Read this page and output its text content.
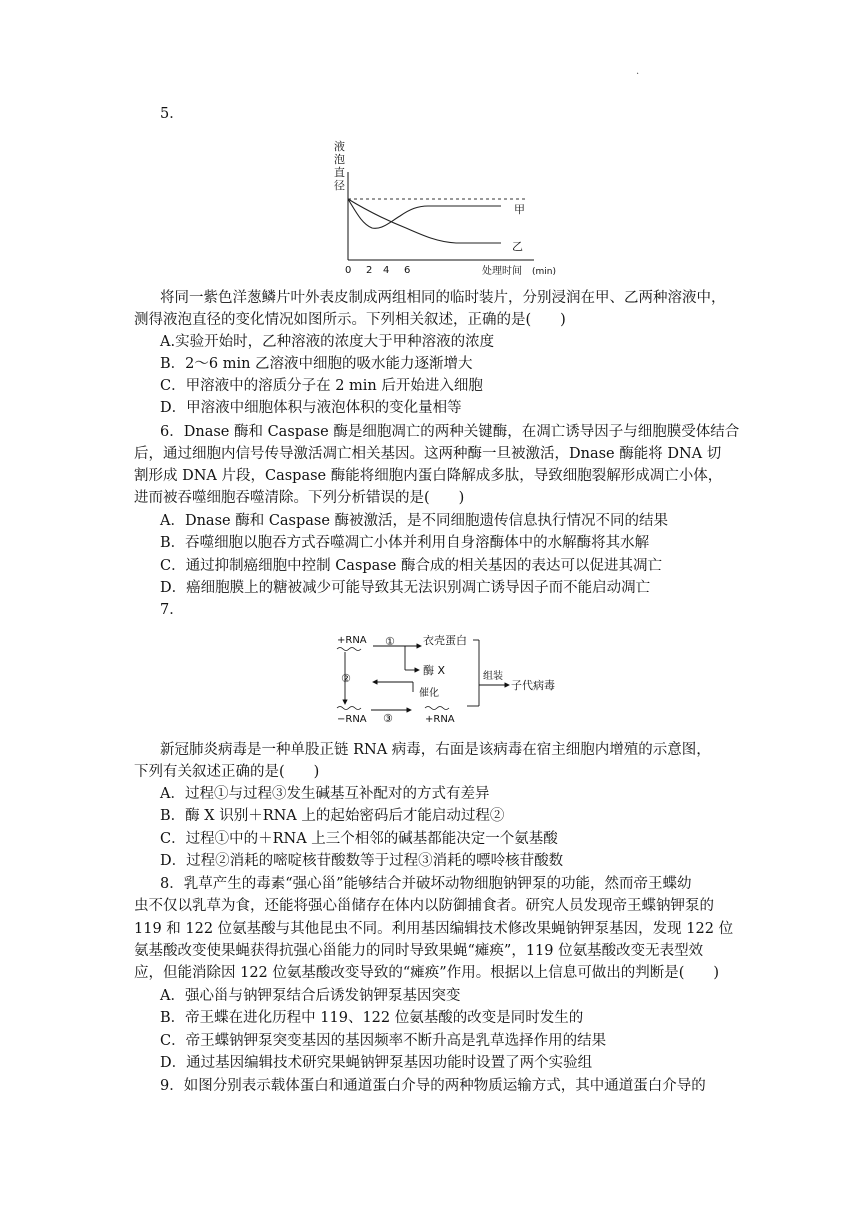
.
5．
液
泡
直
径
甲
乙
0 2 4 6	处理时间 (min)
将同一紫色洋葱鳞片叶外表皮制成两组相同的临时装片，分别浸润在甲、乙两种溶液中，
测得液泡直径的变化情况如图所示。下列相关叙述，正确的是(　　)
A.实验开始时，乙种溶液的浓度大于甲种溶液的浓度
B．2～6 min 乙溶液中细胞的吸水能力逐渐增大
C．甲溶液中的溶质分子在 2 min 后开始进入细胞
D．甲溶液中细胞体积与液泡体积的变化量相等
6．Dnase 酶和 Caspase 酶是细胞凋亡的两种关键酶，在凋亡诱导因子与细胞膜受体结合
后，通过细胞内信号传导激活凋亡相关基因。这两种酶一旦被激活，Dnase 酶能将 DNA 切
割形成 DNA 片段，Caspase 酶能将细胞内蛋白降解成多肽，导致细胞裂解形成凋亡小体，
进而被吞噬细胞吞噬清除。下列分析错误的是(　　)
A．Dnase 酶和 Caspase 酶被激活，是不同细胞遗传信息执行情况不同的结果
B．吞噬细胞以胞吞方式吞噬凋亡小体并利用自身溶酶体中的水解酶将其水解
C．通过抑制癌细胞中控制 Caspase 酶合成的相关基因的表达可以促进其凋亡
D．癌细胞膜上的糖被减少可能导致其无法识别凋亡诱导因子而不能启动凋亡
7．
+RNA ①	衣壳蛋白
酶 X	组装
子代病毒
②
催化
−RNA ③	+RNA
新冠肺炎病毒是一种单股正链 RNA 病毒，右面是该病毒在宿主细胞内增殖的示意图，
下列有关叙述正确的是(　　)
A．过程①与过程③发生碱基互补配对的方式有差异
B．酶 X 识别＋RNA 上的起始密码后才能启动过程②
C．过程①中的＋RNA 上三个相邻的碱基都能决定一个氨基酸
D．过程②消耗的嘧啶核苷酸数等于过程③消耗的嘌呤核苷酸数
8．乳草产生的毒素“强心甾”能够结合并破坏动物细胞钠钾泵的功能，然而帝王蝶幼
虫不仅以乳草为食，还能将强心甾储存在体内以防御捕食者。研究人员发现帝王蝶钠钾泵的
119 和 122 位氨基酸与其他昆虫不同。利用基因编辑技术修改果蝇钠钾泵基因，发现 122 位
氨基酸改变使果蝇获得抗强心甾能力的同时导致果蝇“瘫痪”，119 位氨基酸改变无表型效
应，但能消除因 122 位氨基酸改变导致的“瘫痪”作用。根据以上信息可做出的判断是(　　)
A．强心甾与钠钾泵结合后诱发钠钾泵基因突变
B．帝王蝶在进化历程中 119、122 位氨基酸的改变是同时发生的
C．帝王蝶钠钾泵突变基因的基因频率不断升高是乳草选择作用的结果
D．通过基因编辑技术研究果蝇钠钾泵基因功能时设置了两个实验组
9．如图分别表示载体蛋白和通道蛋白介导的两种物质运输方式，其中通道蛋白介导的
